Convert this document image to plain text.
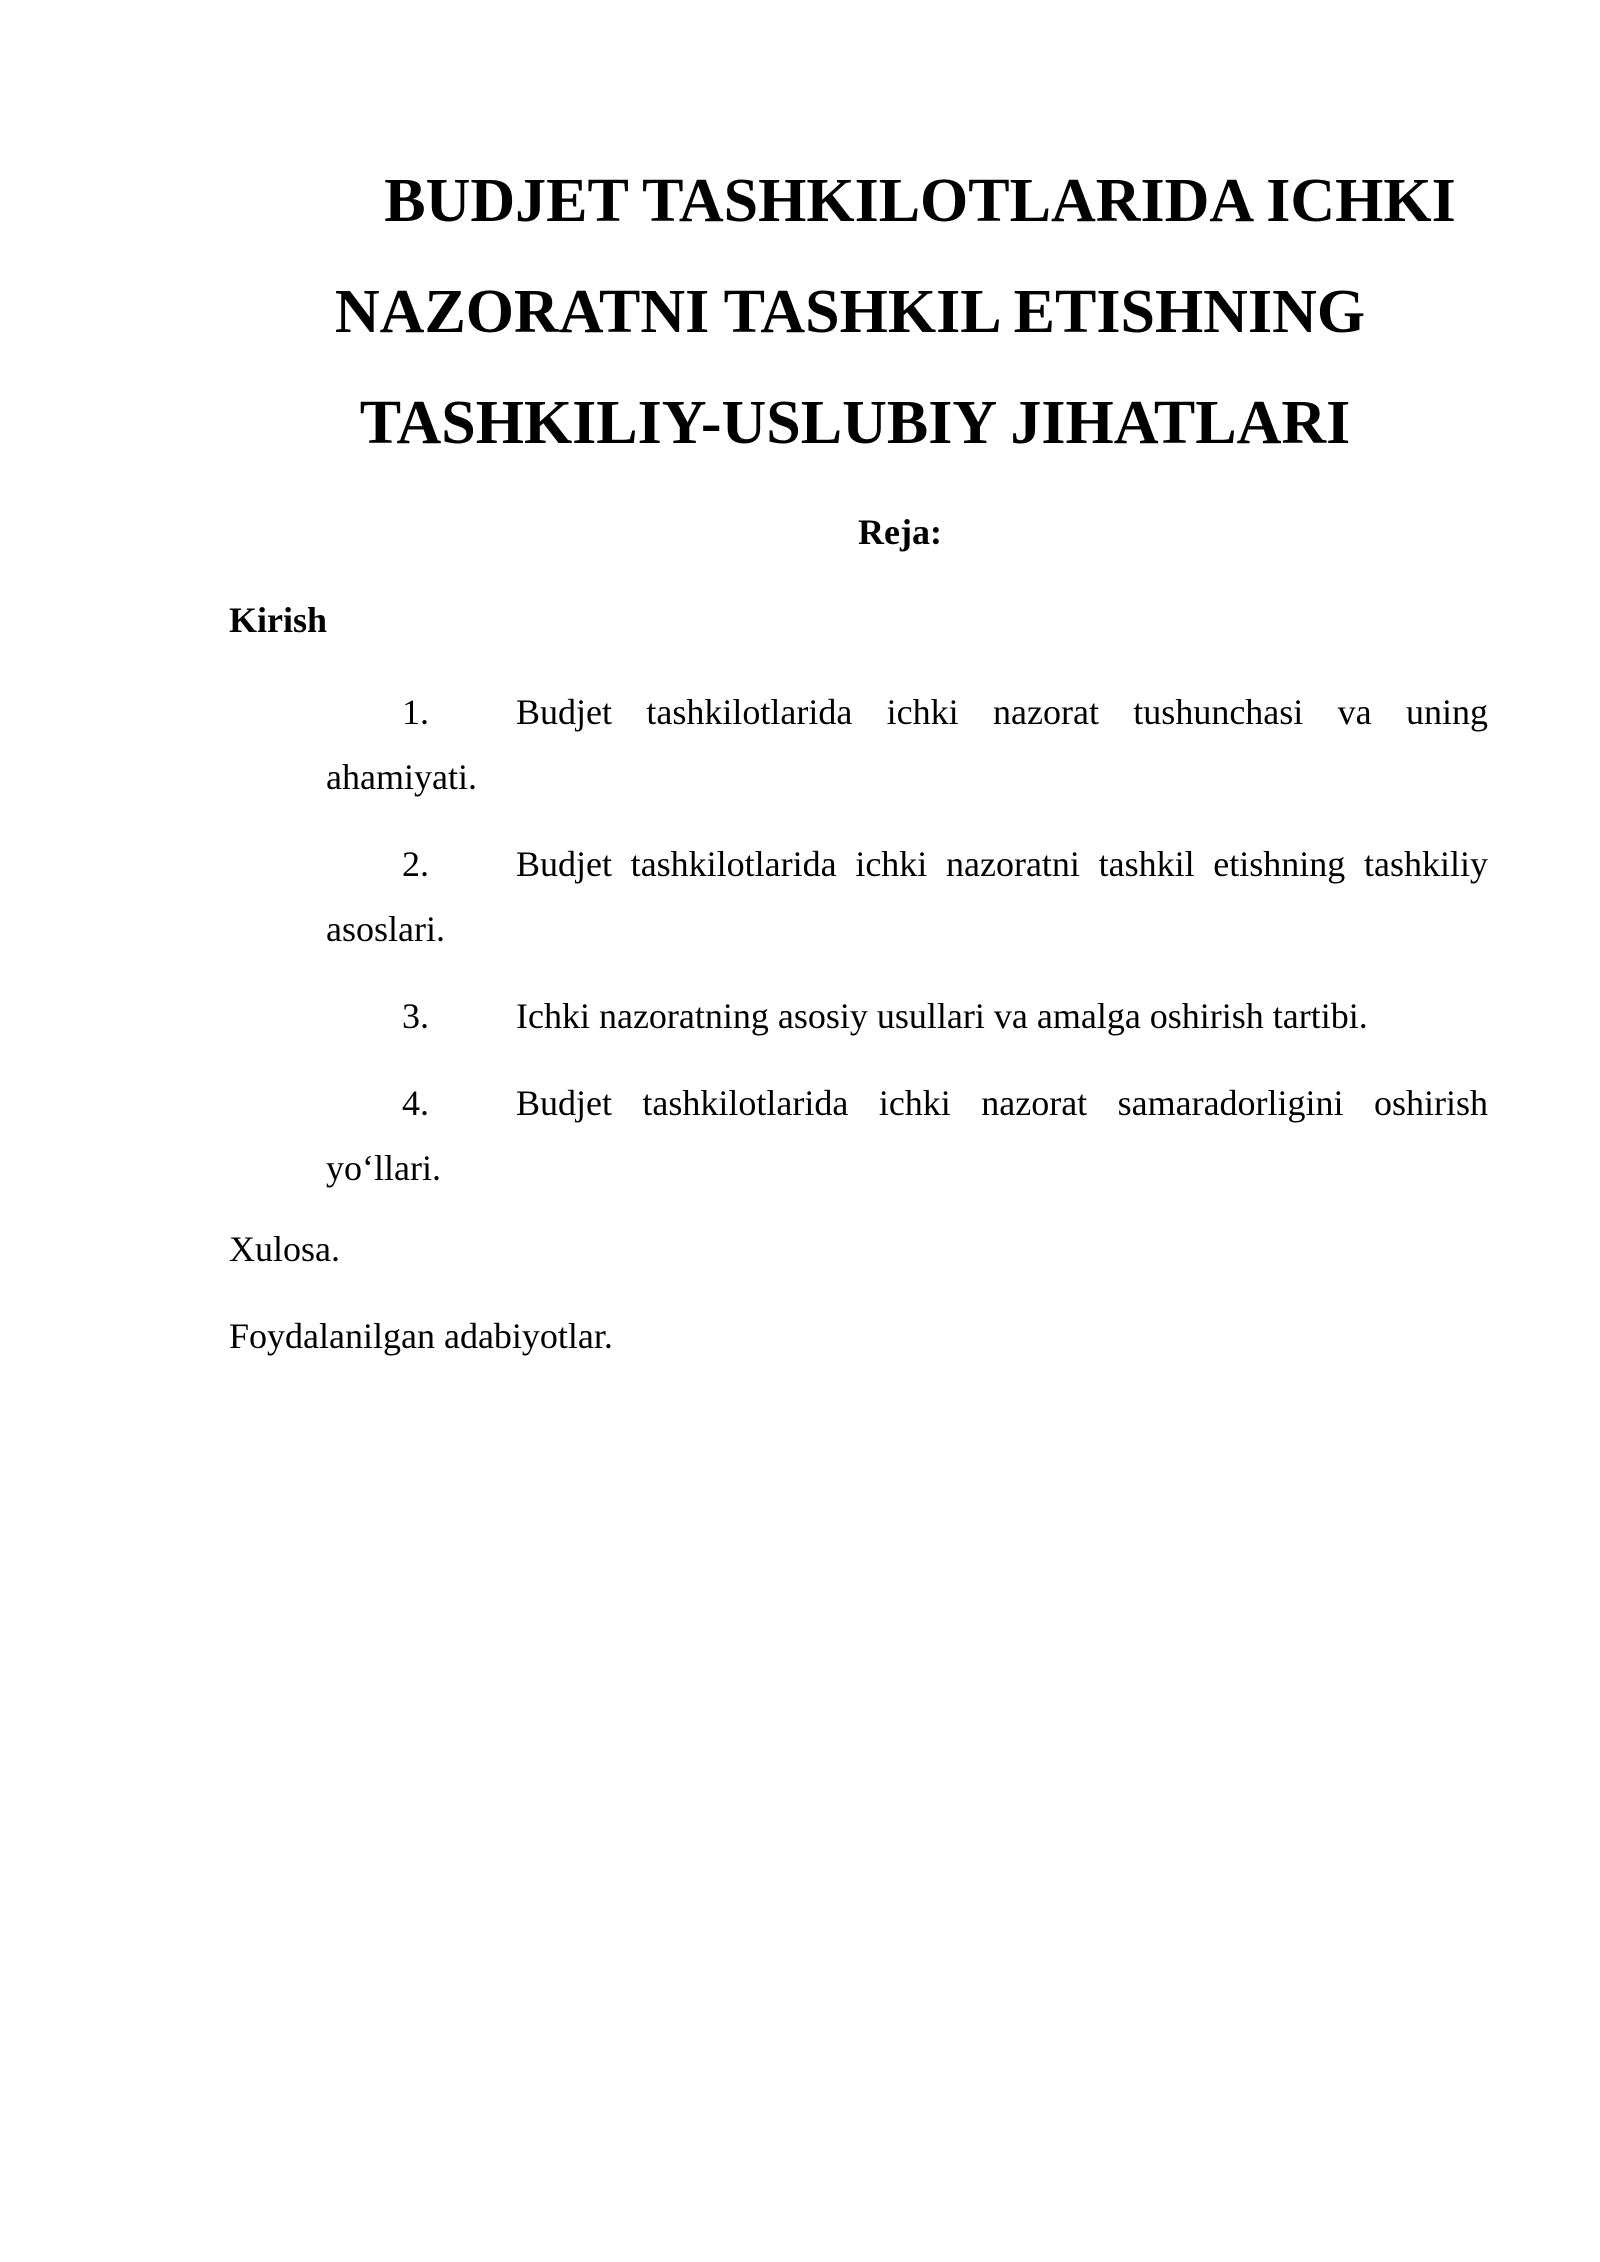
BUDJET TASHKILOTLARIDA ICHKI
NAZORATNI TASHKIL ETISHNING
TASHKILIY-USLUBIY JIHATLARI
Reja:
Kirish
1. Budjet tashkilotlarida ichki nazorat tushunchasi va uning ahamiyati.
2. Budjet tashkilotlarida ichki nazoratni tashkil etishning tashkiliy asoslari.
3. Ichki nazoratning asosiy usullari va amalga oshirish tartibi.
4. Budjet tashkilotlarida ichki nazorat samaradorligini oshirish yo‘llari.
Xulosa.
Foydalanilgan adabiyotlar.
